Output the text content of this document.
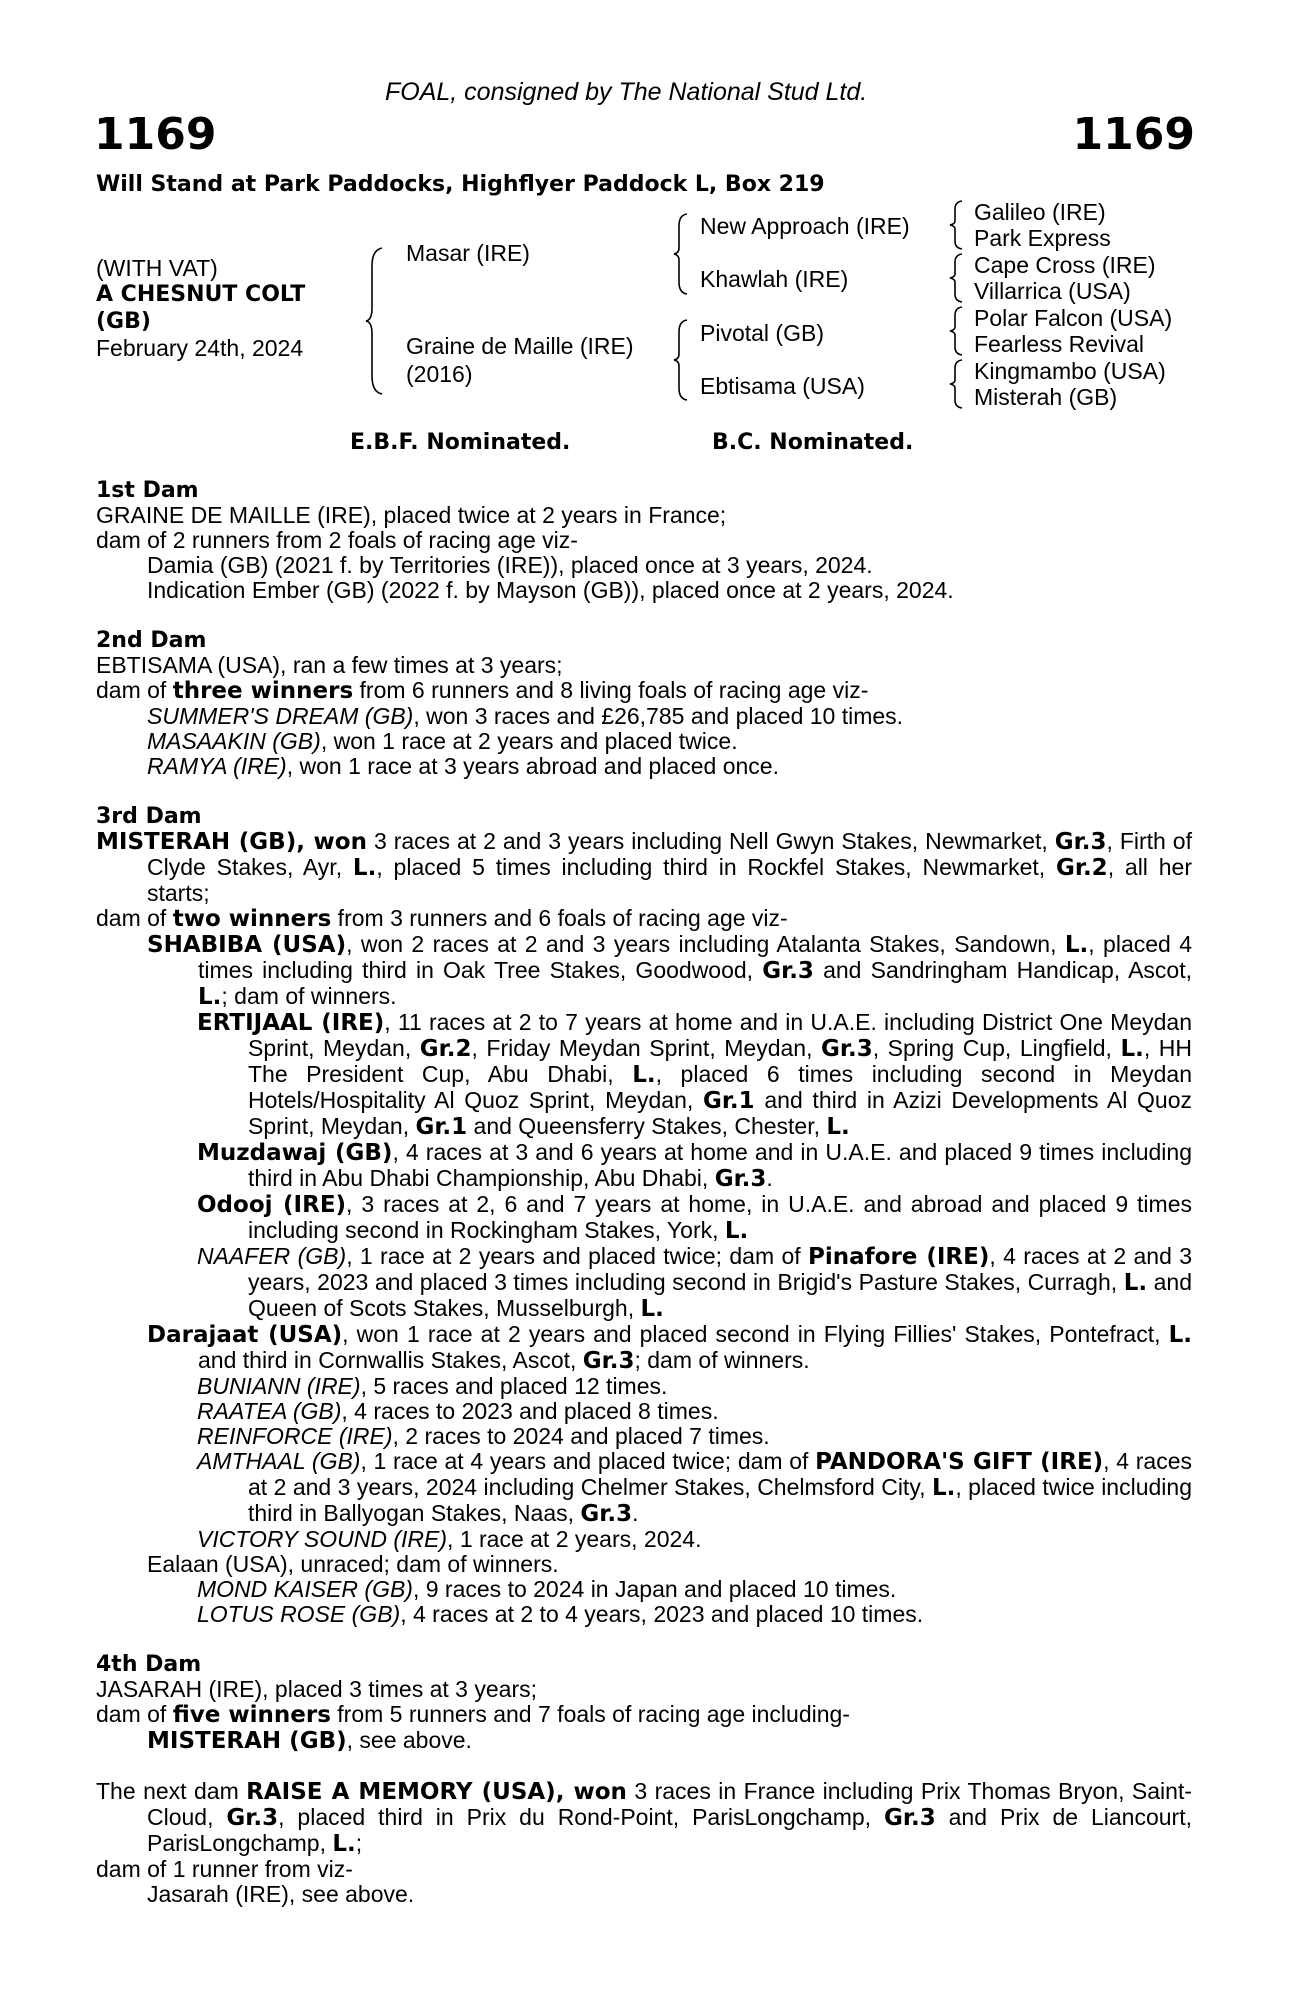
FOAL, consigned by The National Stud Ltd.
1169	1169
Will Stand at Park Paddocks, Highflyer Paddock L, Box 219
(WITH VAT)
A CHESNUT COLT
(GB)
February 24th, 2024
Masar (IRE)
Graine de Maille (IRE)
(2016)
New Approach (IRE)
Khawlah (IRE)
Pivotal (GB)
Ebtisama (USA)
Galileo (IRE)
Park Express
Cape Cross (IRE)
Villarrica (USA)
Polar Falcon (USA)
Fearless Revival
Kingmambo (USA)
Misterah (GB)
E.B.F. Nominated.	B.C. Nominated.
1st Dam
GRAINE DE MAILLE (IRE), placed twice at 2 years in France;
dam of 2 runners from 2 foals of racing age viz-
Damia (GB) (2021 f. by Territories (IRE)), placed once at 3 years, 2024.
Indication Ember (GB) (2022 f. by Mayson (GB)), placed once at 2 years, 2024.
2nd Dam
EBTISAMA (USA), ran a few times at 3 years;
dam of three winners from 6 runners and 8 living foals of racing age viz-
SUMMER'S DREAM (GB), won 3 races and £26,785 and placed 10 times.
MASAAKIN (GB), won 1 race at 2 years and placed twice.
RAMYA (IRE), won 1 race at 3 years abroad and placed once.
3rd Dam
MISTERAH (GB), won 3 races at 2 and 3 years including Nell Gwyn Stakes, Newmarket, Gr.3, Firth of Clyde Stakes, Ayr, L., placed 5 times including third in Rockfel Stakes, Newmarket, Gr.2, all her starts;
dam of two winners from 3 runners and 6 foals of racing age viz-
SHABIBA (USA), won 2 races at 2 and 3 years including Atalanta Stakes, Sandown, L., placed 4 times including third in Oak Tree Stakes, Goodwood, Gr.3 and Sandringham Handicap, Ascot, L.; dam of winners.
ERTIJAAL (IRE), 11 races at 2 to 7 years at home and in U.A.E. including District One Meydan Sprint, Meydan, Gr.2, Friday Meydan Sprint, Meydan, Gr.3, Spring Cup, Lingfield, L., HH The President Cup, Abu Dhabi, L., placed 6 times including second in Meydan Hotels/Hospitality Al Quoz Sprint, Meydan, Gr.1 and third in Azizi Developments Al Quoz Sprint, Meydan, Gr.1 and Queensferry Stakes, Chester, L.
Muzdawaj (GB), 4 races at 3 and 6 years at home and in U.A.E. and placed 9 times including third in Abu Dhabi Championship, Abu Dhabi, Gr.3.
Odooj (IRE), 3 races at 2, 6 and 7 years at home, in U.A.E. and abroad and placed 9 times including second in Rockingham Stakes, York, L.
NAAFER (GB), 1 race at 2 years and placed twice; dam of Pinafore (IRE), 4 races at 2 and 3 years, 2023 and placed 3 times including second in Brigid's Pasture Stakes, Curragh, L. and Queen of Scots Stakes, Musselburgh, L.
Darajaat (USA), won 1 race at 2 years and placed second in Flying Fillies' Stakes, Pontefract, L. and third in Cornwallis Stakes, Ascot, Gr.3; dam of winners.
BUNIANN (IRE), 5 races and placed 12 times.
RAATEA (GB), 4 races to 2023 and placed 8 times.
REINFORCE (IRE), 2 races to 2024 and placed 7 times.
AMTHAAL (GB), 1 race at 4 years and placed twice; dam of PANDORA'S GIFT (IRE), 4 races at 2 and 3 years, 2024 including Chelmer Stakes, Chelmsford City, L., placed twice including third in Ballyogan Stakes, Naas, Gr.3.
VICTORY SOUND (IRE), 1 race at 2 years, 2024.
Ealaan (USA), unraced; dam of winners.
MOND KAISER (GB), 9 races to 2024 in Japan and placed 10 times.
LOTUS ROSE (GB), 4 races at 2 to 4 years, 2023 and placed 10 times.
4th Dam
JASARAH (IRE), placed 3 times at 3 years;
dam of five winners from 5 runners and 7 foals of racing age including-
MISTERAH (GB), see above.
The next dam RAISE A MEMORY (USA), won 3 races in France including Prix Thomas Bryon, Saint-Cloud, Gr.3, placed third in Prix du Rond-Point, ParisLongchamp, Gr.3 and Prix de Liancourt, ParisLongchamp, L.;
dam of 1 runner from viz-
Jasarah (IRE), see above.
